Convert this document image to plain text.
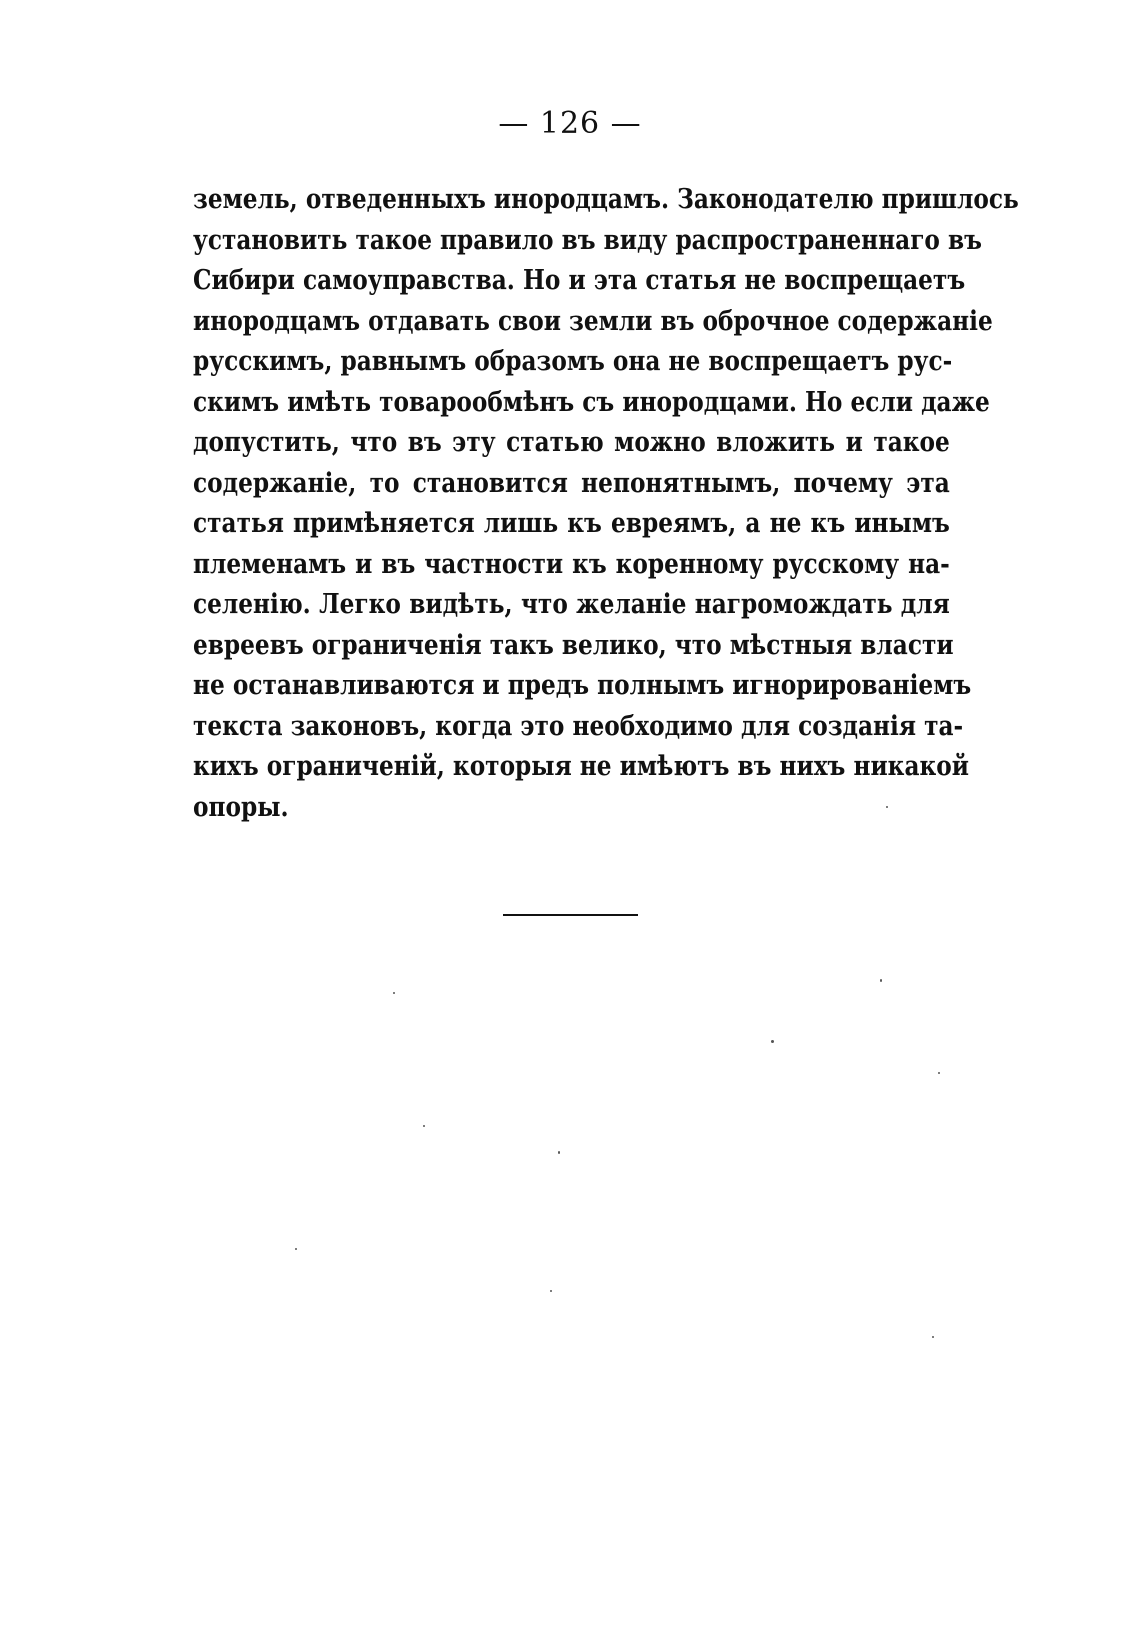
— 126 —
земель, отведенныхъ инородцамъ. Законодателю пришлось
установить такое правило въ виду распространеннаго въ
Сибири самоуправства. Но и эта статья не воспрещаетъ
инородцамъ отдавать свои земли въ оброчное содержаніе
русскимъ, равнымъ образомъ она не воспрещаетъ рус-
скимъ имѣть товарообмѣнъ съ инородцами. Но если даже
допустить, что въ эту статью можно вложить и такое
содержаніе, то становится непонятнымъ, почему эта
статья примѣняется лишь къ евреямъ, а не къ инымъ
племенамъ и въ частности къ коренному русскому на-
селенію. Легко видѣть, что желаніе нагромождать для
евреевъ ограниченія такъ велико, что мѣстныя власти
не останавливаются и предъ полнымъ игнорированіемъ
текста законовъ, когда это необходимо для созданія та-
кихъ ограниченій, которыя не имѣютъ въ нихъ никакой
опоры.
